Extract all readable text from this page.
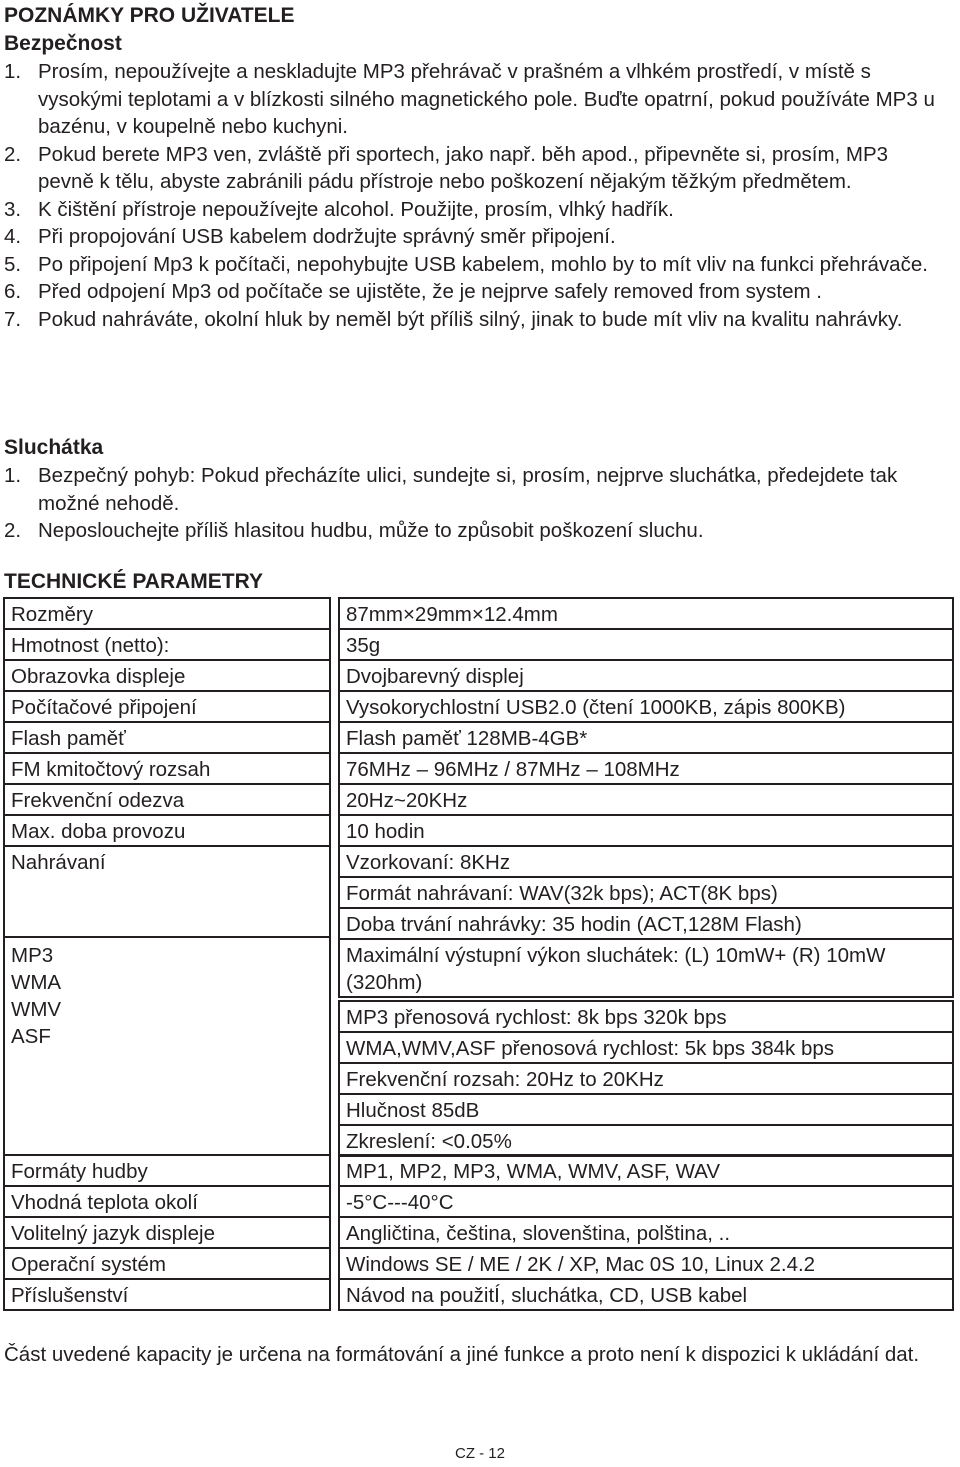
POZNÁMKY PRO UŽIVATELE
Bezpečnost
1. Prosím, nepoužívejte a neskladujte MP3 přehrávač v prašném a vlhkém prostředí, v místě s vysokými teplotami a v blízkosti silného magnetického pole. Buďte opatrní, pokud používáte MP3 u bazénu, v koupelně nebo kuchyni.
2. Pokud berete MP3 ven, zvláště při sportech, jako např. běh apod., připevněte si, prosím, MP3 pevně k tělu, abyste zabránili pádu přístroje nebo poškození nějakým těžkým předmětem.
3. K čištění přístroje nepoužívejte alcohol. Použijte, prosím, vlhký hadřík.
4. Při propojování USB kabelem dodržujte správný směr připojení.
5. Po připojení Mp3 k počítači, nepohybujte USB kabelem, mohlo by to mít vliv na funkci přehrávače.
6. Před odpojení Mp3 od počítače se ujistěte, že je nejprve safely removed from system .
7. Pokud nahráváte, okolní hluk by neměl být příliš silný, jinak to bude mít vliv na kvalitu nahrávky.
Sluchátka
1. Bezpečný pohyb: Pokud přecházíte ulici, sundejte si, prosím, nejprve sluchátka, předejdete tak možné nehodě.
2. Neposlouchejte příliš hlasitou hudbu, může to způsobit poškození sluchu.
TECHNICKÉ PARAMETRY
Rozměry
Hmotnost (netto):
Obrazovka displeje
Počítačové připojení
Flash paměť
FM kmitočtový rozsah
Frekvenční odezva
Max. doba provozu
Nahrávaní
MP3
WMA
WMV
ASF
Formáty hudby
Vhodná teplota okolí
Volitelný jazyk displeje
Operační systém
Příslušenství
87mm×29mm×12.4mm
35g
Dvojbarevný displej
Vysokorychlostní USB2.0 (čtení 1000KB, zápis 800KB)
Flash paměť 128MB-4GB*
76MHz – 96MHz / 87MHz – 108MHz
20Hz~20KHz
10 hodin
Vzorkovaní: 8KHz
Formát nahrávaní: WAV(32k bps); ACT(8K bps)
Doba trvání nahrávky: 35 hodin (ACT,128M Flash)
Maximální výstupní výkon sluchátek: (L) 10mW+ (R) 10mW
(320hm)
MP3 přenosová rychlost: 8k bps 320k bps
WMA,WMV,ASF přenosová rychlost: 5k bps 384k bps
Frekvenční rozsah: 20Hz to 20KHz
Hlučnost 85dB
Zkreslení: <0.05%
MP1, MP2, MP3, WMA, WMV, ASF, WAV
-5°C---40°C
Angličtina, čeština, slovenština, polština, ..
Windows SE / ME / 2K / XP, Mac 0S 10, Linux 2.4.2
Návod na použitÍ, sluchátka, CD, USB kabel
Část uvedené kapacity je určena na formátování a jiné funkce a proto není k dispozici k ukládání dat.
CZ - 12
